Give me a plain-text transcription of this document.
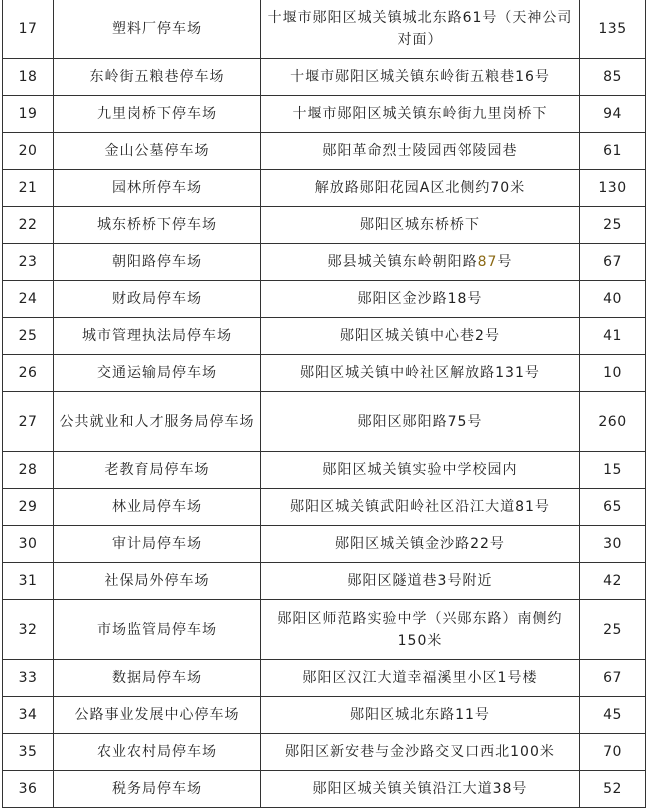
17	塑料厂停车场	十堰市郧阳区城关镇城北东路61号（天神公司对面）	135
18	东岭街五粮巷停车场	十堰市郧阳区城关镇东岭街五粮巷16号	85
19	九里岗桥下停车场	十堰市郧阳区城关镇东岭街九里岗桥下	94
20	金山公墓停车场	郧阳革命烈士陵园西邻陵园巷	61
21	园林所停车场	解放路郧阳花园A区北侧约70米	130
22	城东桥桥下停车场	郧阳区城东桥桥下	25
23	朝阳路停车场	郧县城关镇东岭朝阳路87号	67
24	财政局停车场	郧阳区金沙路18号	40
25	城市管理执法局停车场	郧阳区城关镇中心巷2号	41
26	交通运输局停车场	郧阳区城关镇中岭社区解放路131号	10
27	公共就业和人才服务局停车场	郧阳区郧阳路75号	260
28	老教育局停车场	郧阳区城关镇实验中学校园内	15
29	林业局停车场	郧阳区城关镇武阳岭社区沿江大道81号	65
30	审计局停车场	郧阳区城关镇金沙路22号	30
31	社保局外停车场	郧阳区隧道巷3号附近	42
32	市场监管局停车场	郧阳区师范路实验中学（兴郧东路）南侧约150米	25
33	数据局停车场	郧阳区汉江大道幸福溪里小区1号楼	67
34	公路事业发展中心停车场	郧阳区城北东路11号	45
35	农业农村局停车场	郧阳区新安巷与金沙路交叉口西北100米	70
36	税务局停车场	郧阳区城关镇关镇沿江大道38号	52
